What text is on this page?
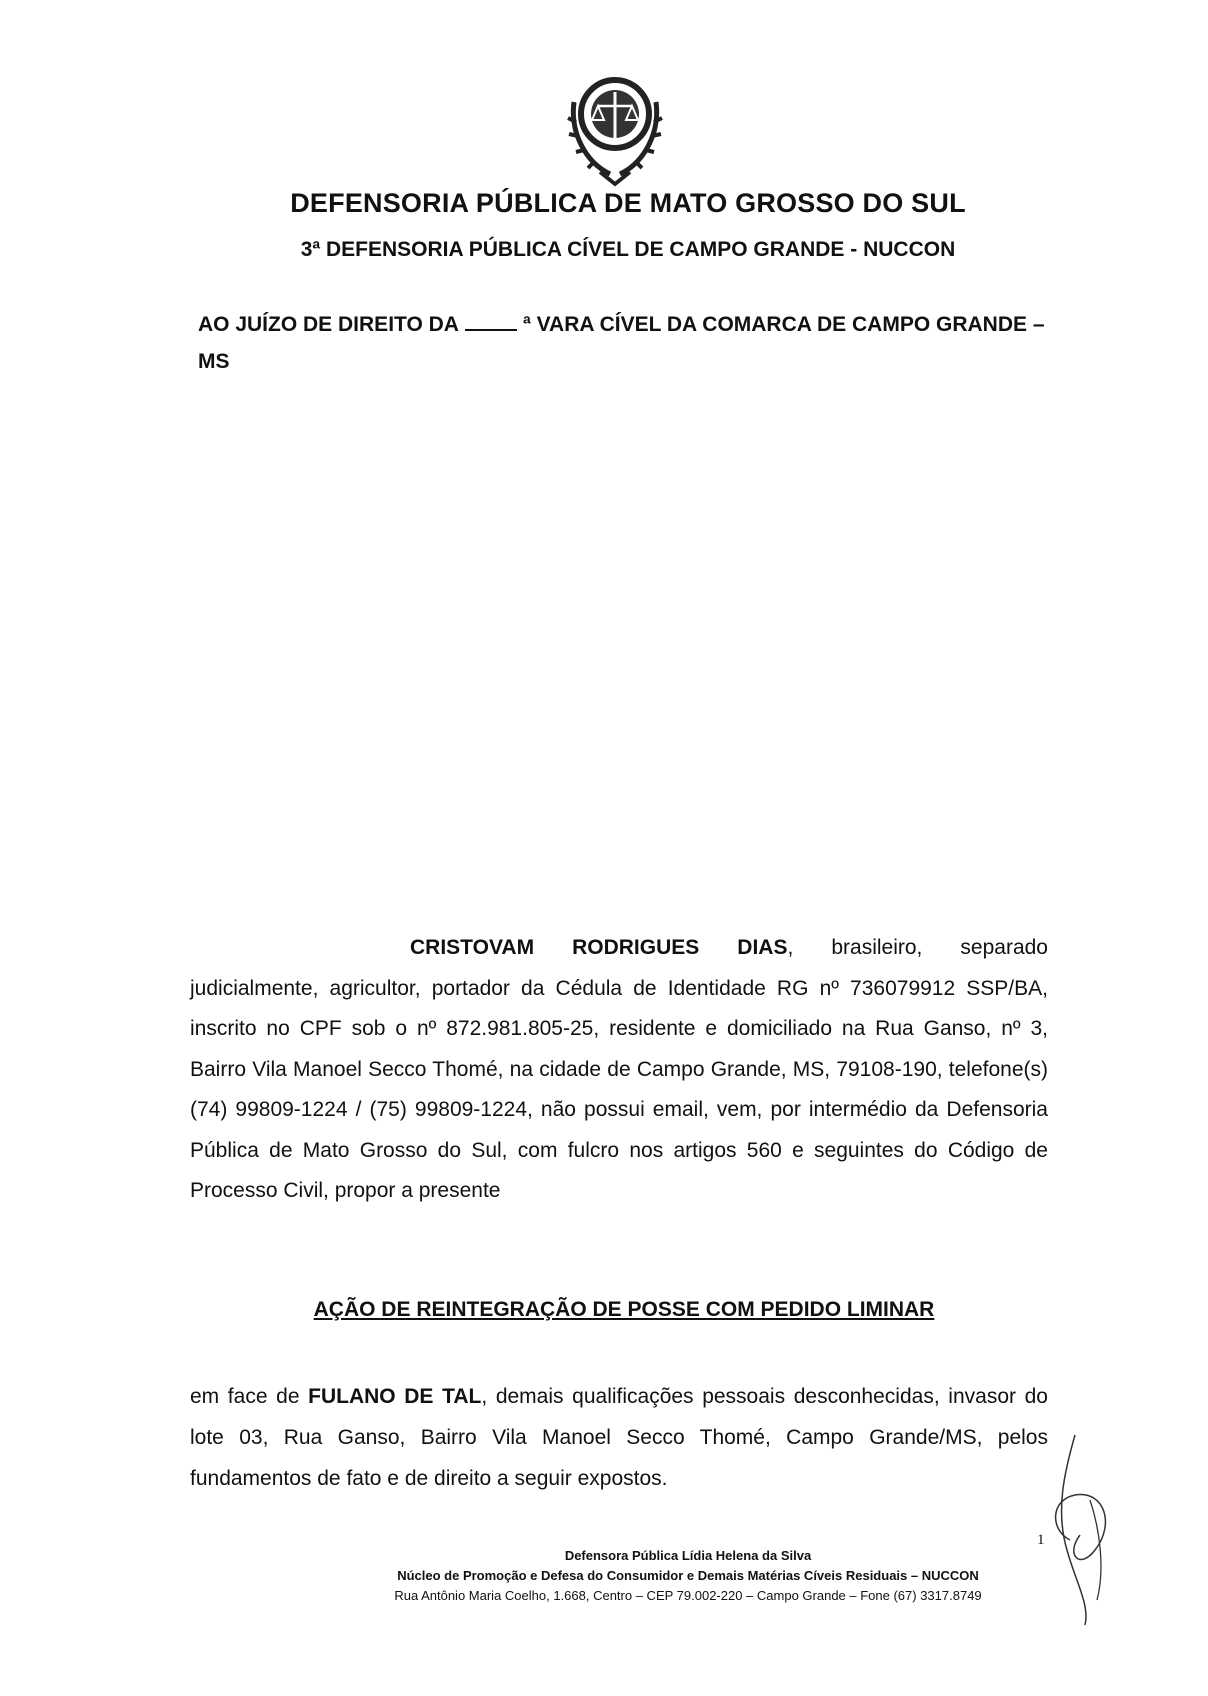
DEFENSORIA PÚBLICA DE MATO GROSSO DO SUL
3ª DEFENSORIA PÚBLICA CÍVEL DE CAMPO GRANDE - NUCCON
AO JUÍZO DE DIREITO DA	ª VARA CÍVEL DA COMARCA DE CAMPO GRANDE – MS
CRISTOVAM RODRIGUES DIAS, brasileiro, separado judicialmente, agricultor, portador da Cédula de Identidade RG nº 736079912 SSP/BA, inscrito no CPF sob o nº 872.981.805-25, residente e domiciliado na Rua Ganso, nº 3, Bairro Vila Manoel Secco Thomé, na cidade de Campo Grande, MS, 79108-190, telefone(s) (74) 99809-1224 / (75) 99809-1224, não possui email, vem, por intermédio da Defensoria Pública de Mato Grosso do Sul, com fulcro nos artigos 560 e seguintes do Código de Processo Civil, propor a presente
AÇÃO DE REINTEGRAÇÃO DE POSSE COM PEDIDO LIMINAR
em face de FULANO DE TAL, demais qualificações pessoais desconhecidas, invasor do lote 03, Rua Ganso, Bairro Vila Manoel Secco Thomé, Campo Grande/MS, pelos fundamentos de fato e de direito a seguir expostos.
1
Defensora Pública Lídia Helena da Silva
Núcleo de Promoção e Defesa do Consumidor e Demais Matérias Cíveis Residuais – NUCCON
Rua Antônio Maria Coelho, 1.668, Centro – CEP 79.002-220 – Campo Grande – Fone (67) 3317.8749
